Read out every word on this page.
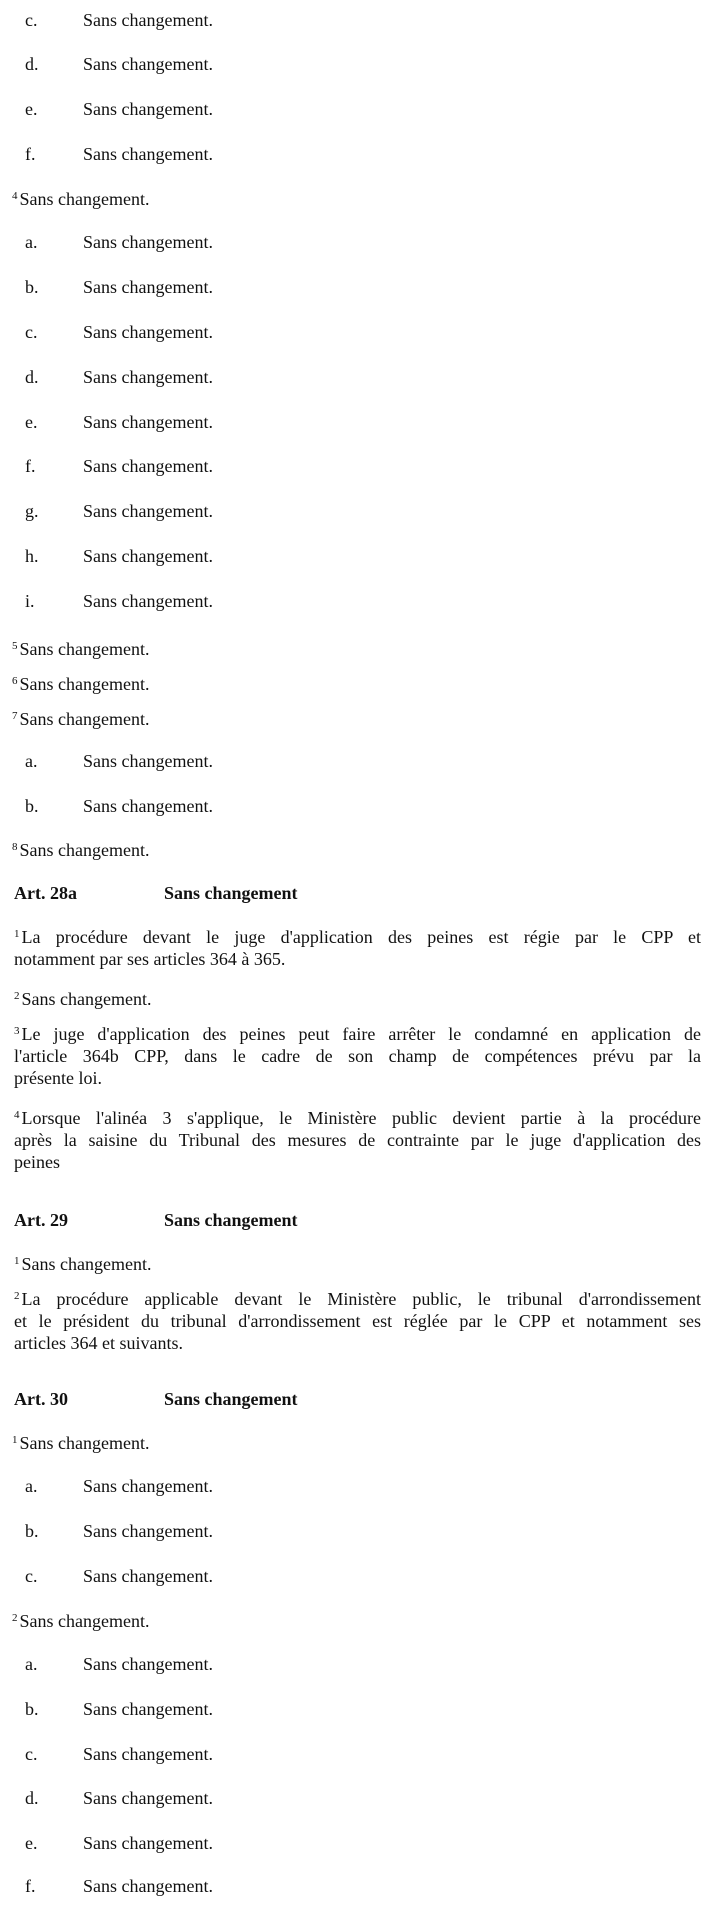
c.	Sans changement.
d. Sans changement.
e.	Sans changement.
f.	Sans changement.
$^4$ Sans changement.
a.	Sans changement.
b. Sans changement.
c.	Sans changement.
d. Sans changement.
e.	Sans changement.
f.	Sans changement.
g. Sans changement.
h. Sans changement.
i.	Sans changement.
$^5$ Sans changement.
$^6$ Sans changement.
$^7$ Sans changement.
a.	Sans changement.
b. Sans changement.
$^8$ Sans changement.
Art. 28a	Sans changement
$^1$ La procédure devant le juge d'application des peines est régie par le CPP et
notamment par ses articles 364 à 365.
$^2$ Sans changement.
$^3$ Le juge d'application des peines peut faire arrêter le condamné en application de
l'article 364b CPP, dans le cadre de son champ de compétences prévu par la
présente loi.
$^4$ Lorsque l'alinéa 3 s'applique, le Ministère public devient partie à la procédure
après la saisine du Tribunal des mesures de contrainte par le juge d'application des
peines
Art. 29	Sans changement
$^1$ Sans changement.
$^2$ La procédure applicable devant le Ministère public, le tribunal d'arrondissement
et le président du tribunal d'arrondissement est réglée par le CPP et notamment ses
articles 364 et suivants.
Art. 30	Sans changement
$^1$ Sans changement.
a.	Sans changement.
b. Sans changement.
c.	Sans changement.
$^2$ Sans changement.
a.	Sans changement.
b. Sans changement.
c.	Sans changement.
d. Sans changement.
e.	Sans changement.
f.	Sans changement.
